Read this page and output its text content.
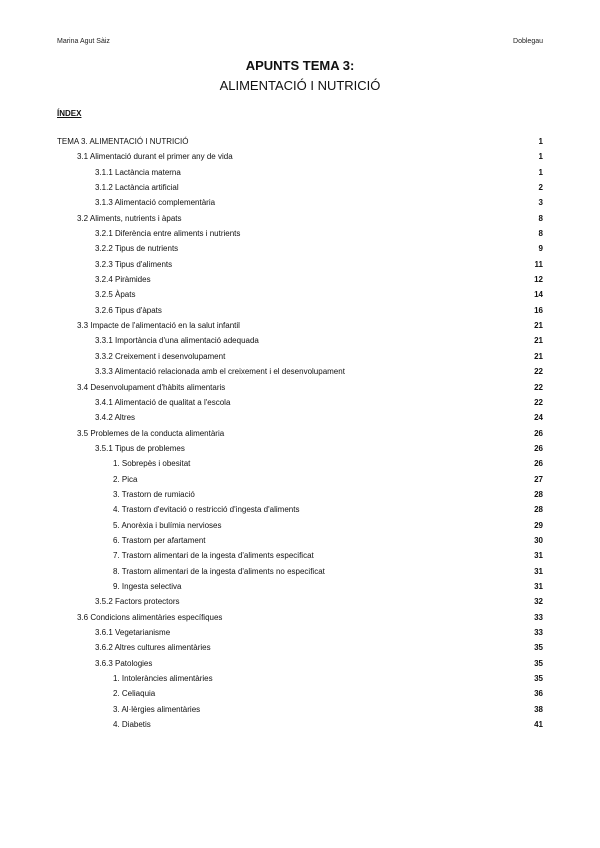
Marina Agut Sàiz	Doblegau
APUNTS TEMA 3:
ALIMENTACIÓ I NUTRICIÓ
ÍNDEX
TEMA 3. ALIMENTACIÓ I NUTRICIÓ	1
3.1 Alimentació durant el primer any de vida	1
3.1.1 Lactància materna	1
3.1.2 Lactància artificial	2
3.1.3 Alimentació complementària	3
3.2 Aliments, nutrients i àpats	8
3.2.1 Diferència entre aliments i nutrients	8
3.2.2 Tipus de nutrients	9
3.2.3 Tipus d'aliments	11
3.2.4 Piràmides	12
3.2.5 Àpats	14
3.2.6 Tipus d'àpats	16
3.3 Impacte de l'alimentació en la salut infantil	21
3.3.1 Importància d'una alimentació adequada	21
3.3.2 Creixement i desenvolupament	21
3.3.3 Alimentació relacionada amb el creixement i el desenvolupament	22
3.4 Desenvolupament d'hàbits alimentaris	22
3.4.1 Alimentació de qualitat a l'escola	22
3.4.2 Altres	24
3.5 Problemes de la conducta alimentària	26
3.5.1 Tipus de problemes	26
1. Sobrepès i obesitat	26
2. Pica	27
3. Trastorn de rumiació	28
4. Trastorn d'evitació o restricció d'ingesta d'aliments	28
5. Anorèxia i bulímia nervioses	29
6. Trastorn per afartament	30
7. Trastorn alimentari de la ingesta d'aliments especificat	31
8. Trastorn alimentari de la ingesta d'aliments no especificat	31
9. Ingesta selectiva	31
3.5.2 Factors protectors	32
3.6 Condicions alimentàries específiques	33
3.6.1 Vegetarianisme	33
3.6.2 Altres cultures alimentàries	35
3.6.3 Patologies	35
1. Intoleràncies alimentàries	35
2. Celiaquia	36
3. Al·lèrgies alimentàries	38
4. Diabetis	41
